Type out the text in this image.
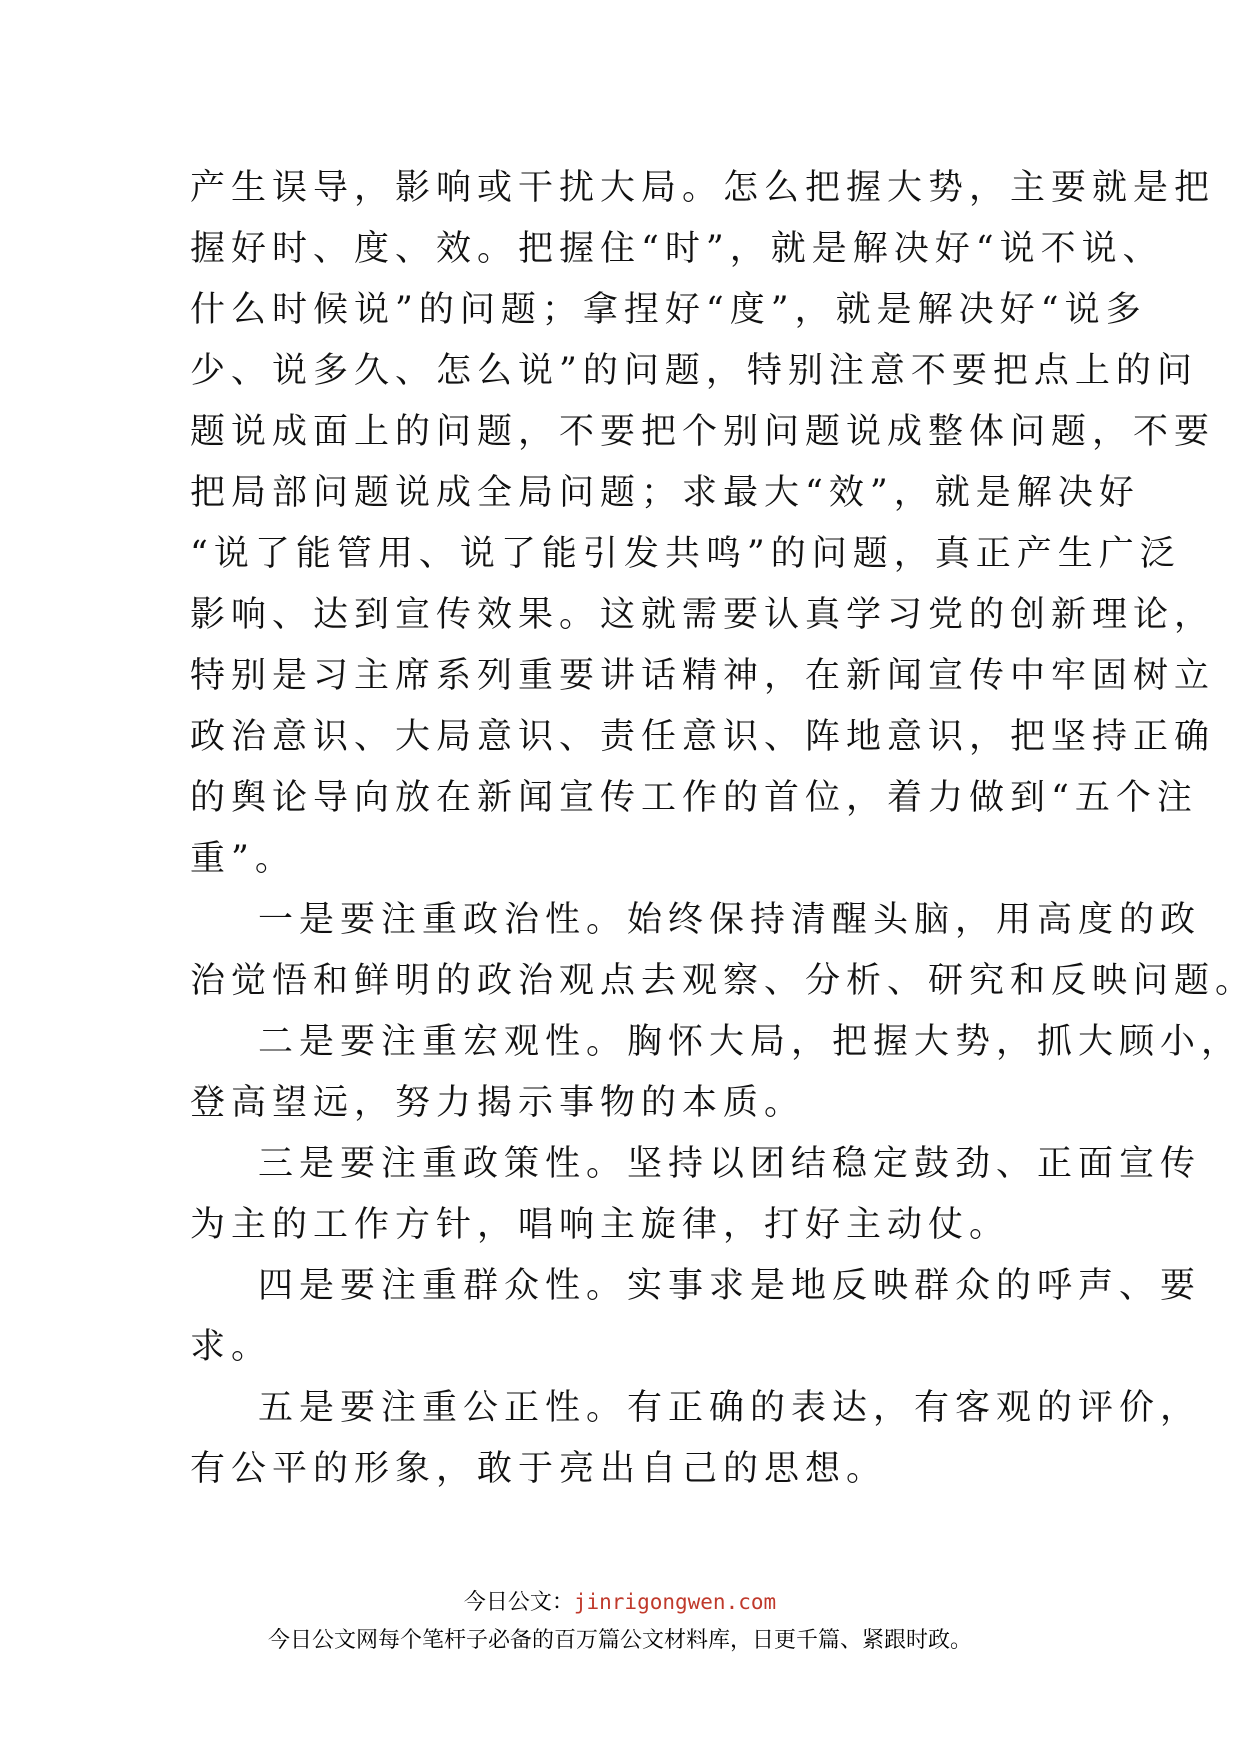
产生误导，影响或干扰大局。怎么把握大势，主要就是把
握好时、度、效。把握住“时”，就是解决好“说不说、
什么时候说”的问题；拿捏好“度”，就是解决好“说多
少、说多久、怎么说”的问题，特别注意不要把点上的问
题说成面上的问题，不要把个别问题说成整体问题，不要
把局部问题说成全局问题；求最大“效”，就是解决好
“说了能管用、说了能引发共鸣”的问题，真正产生广泛
影响、达到宣传效果。这就需要认真学习党的创新理论，
特别是习主席系列重要讲话精神，在新闻宣传中牢固树立
政治意识、大局意识、责任意识、阵地意识，把坚持正确
的舆论导向放在新闻宣传工作的首位，着力做到“五个注
重”。
一是要注重政治性。始终保持清醒头脑，用高度的政
治觉悟和鲜明的政治观点去观察、分析、研究和反映问题。
二是要注重宏观性。胸怀大局，把握大势，抓大顾小，
登高望远，努力揭示事物的本质。
三是要注重政策性。坚持以团结稳定鼓劲、正面宣传
为主的工作方针，唱响主旋律，打好主动仗。
四是要注重群众性。实事求是地反映群众的呼声、要
求。
五是要注重公正性。有正确的表达，有客观的评价，
有公平的形象，敢于亮出自己的思想。
今日公文：jinrigongwen.com
今日公文网每个笔杆子必备的百万篇公文材料库，日更千篇、紧跟时政。
